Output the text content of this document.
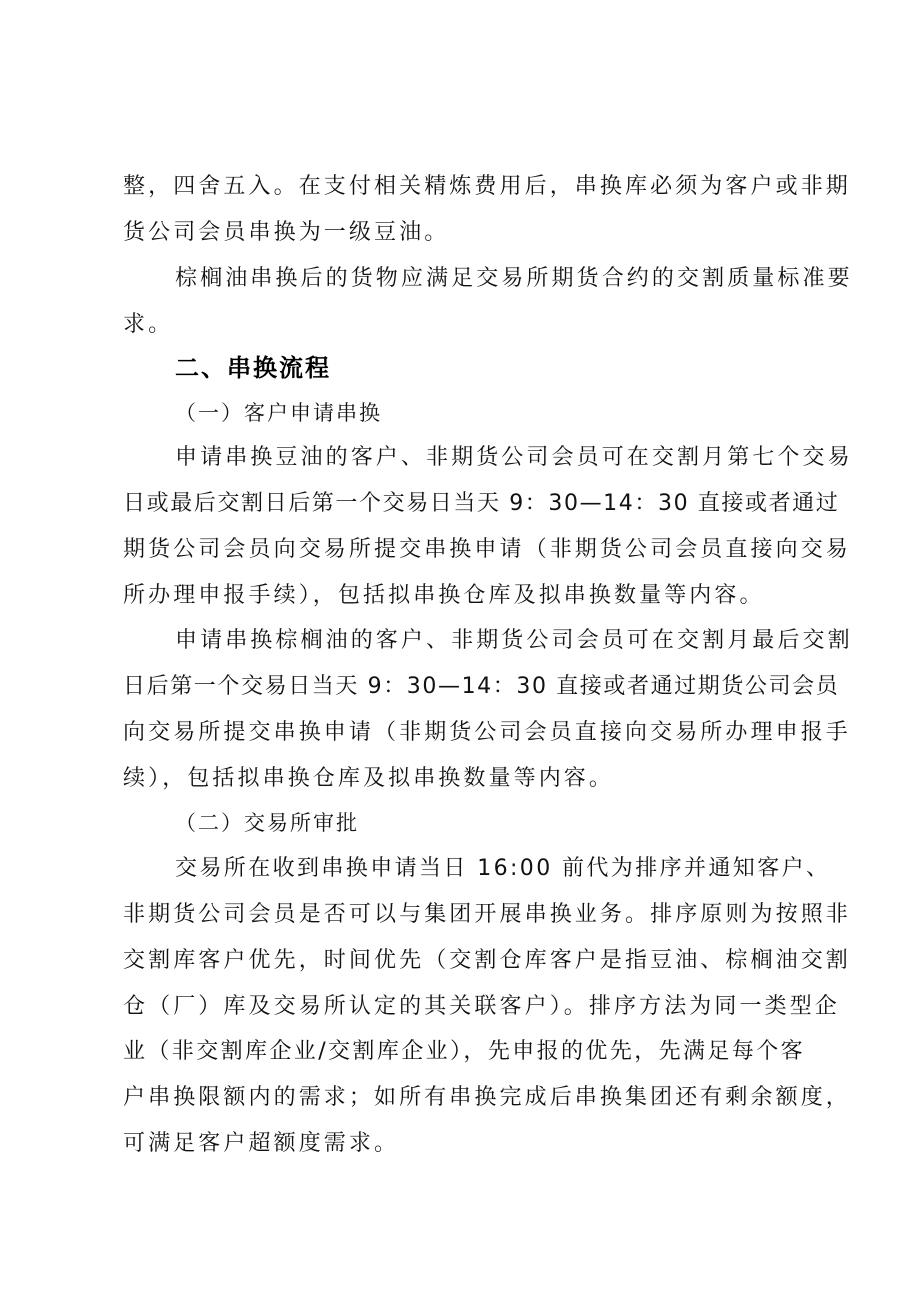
整，四舍五入。在支付相关精炼费用后，串换库必须为客户或非期
货公司会员串换为一级豆油。
棕榈油串换后的货物应满足交易所期货合约的交割质量标准要
求。
二、串换流程
（一）客户申请串换
申请串换豆油的客户、非期货公司会员可在交割月第七个交易
日或最后交割日后第一个交易日当天 9：30—14：30 直接或者通过
期货公司会员向交易所提交串换申请（非期货公司会员直接向交易
所办理申报手续），包括拟串换仓库及拟串换数量等内容。
申请串换棕榈油的客户、非期货公司会员可在交割月最后交割
日后第一个交易日当天 9：30—14：30 直接或者通过期货公司会员
向交易所提交串换申请（非期货公司会员直接向交易所办理申报手
续），包括拟串换仓库及拟串换数量等内容。
（二）交易所审批
交易所在收到串换申请当日 16:00 前代为排序并通知客户、
非期货公司会员是否可以与集团开展串换业务。排序原则为按照非
交割库客户优先，时间优先（交割仓库客户是指豆油、棕榈油交割
仓（厂）库及交易所认定的其关联客户）。排序方法为同一类型企
业（非交割库企业/交割库企业），先申报的优先，先满足每个客
户串换限额内的需求；如所有串换完成后串换集团还有剩余额度，
可满足客户超额度需求。
